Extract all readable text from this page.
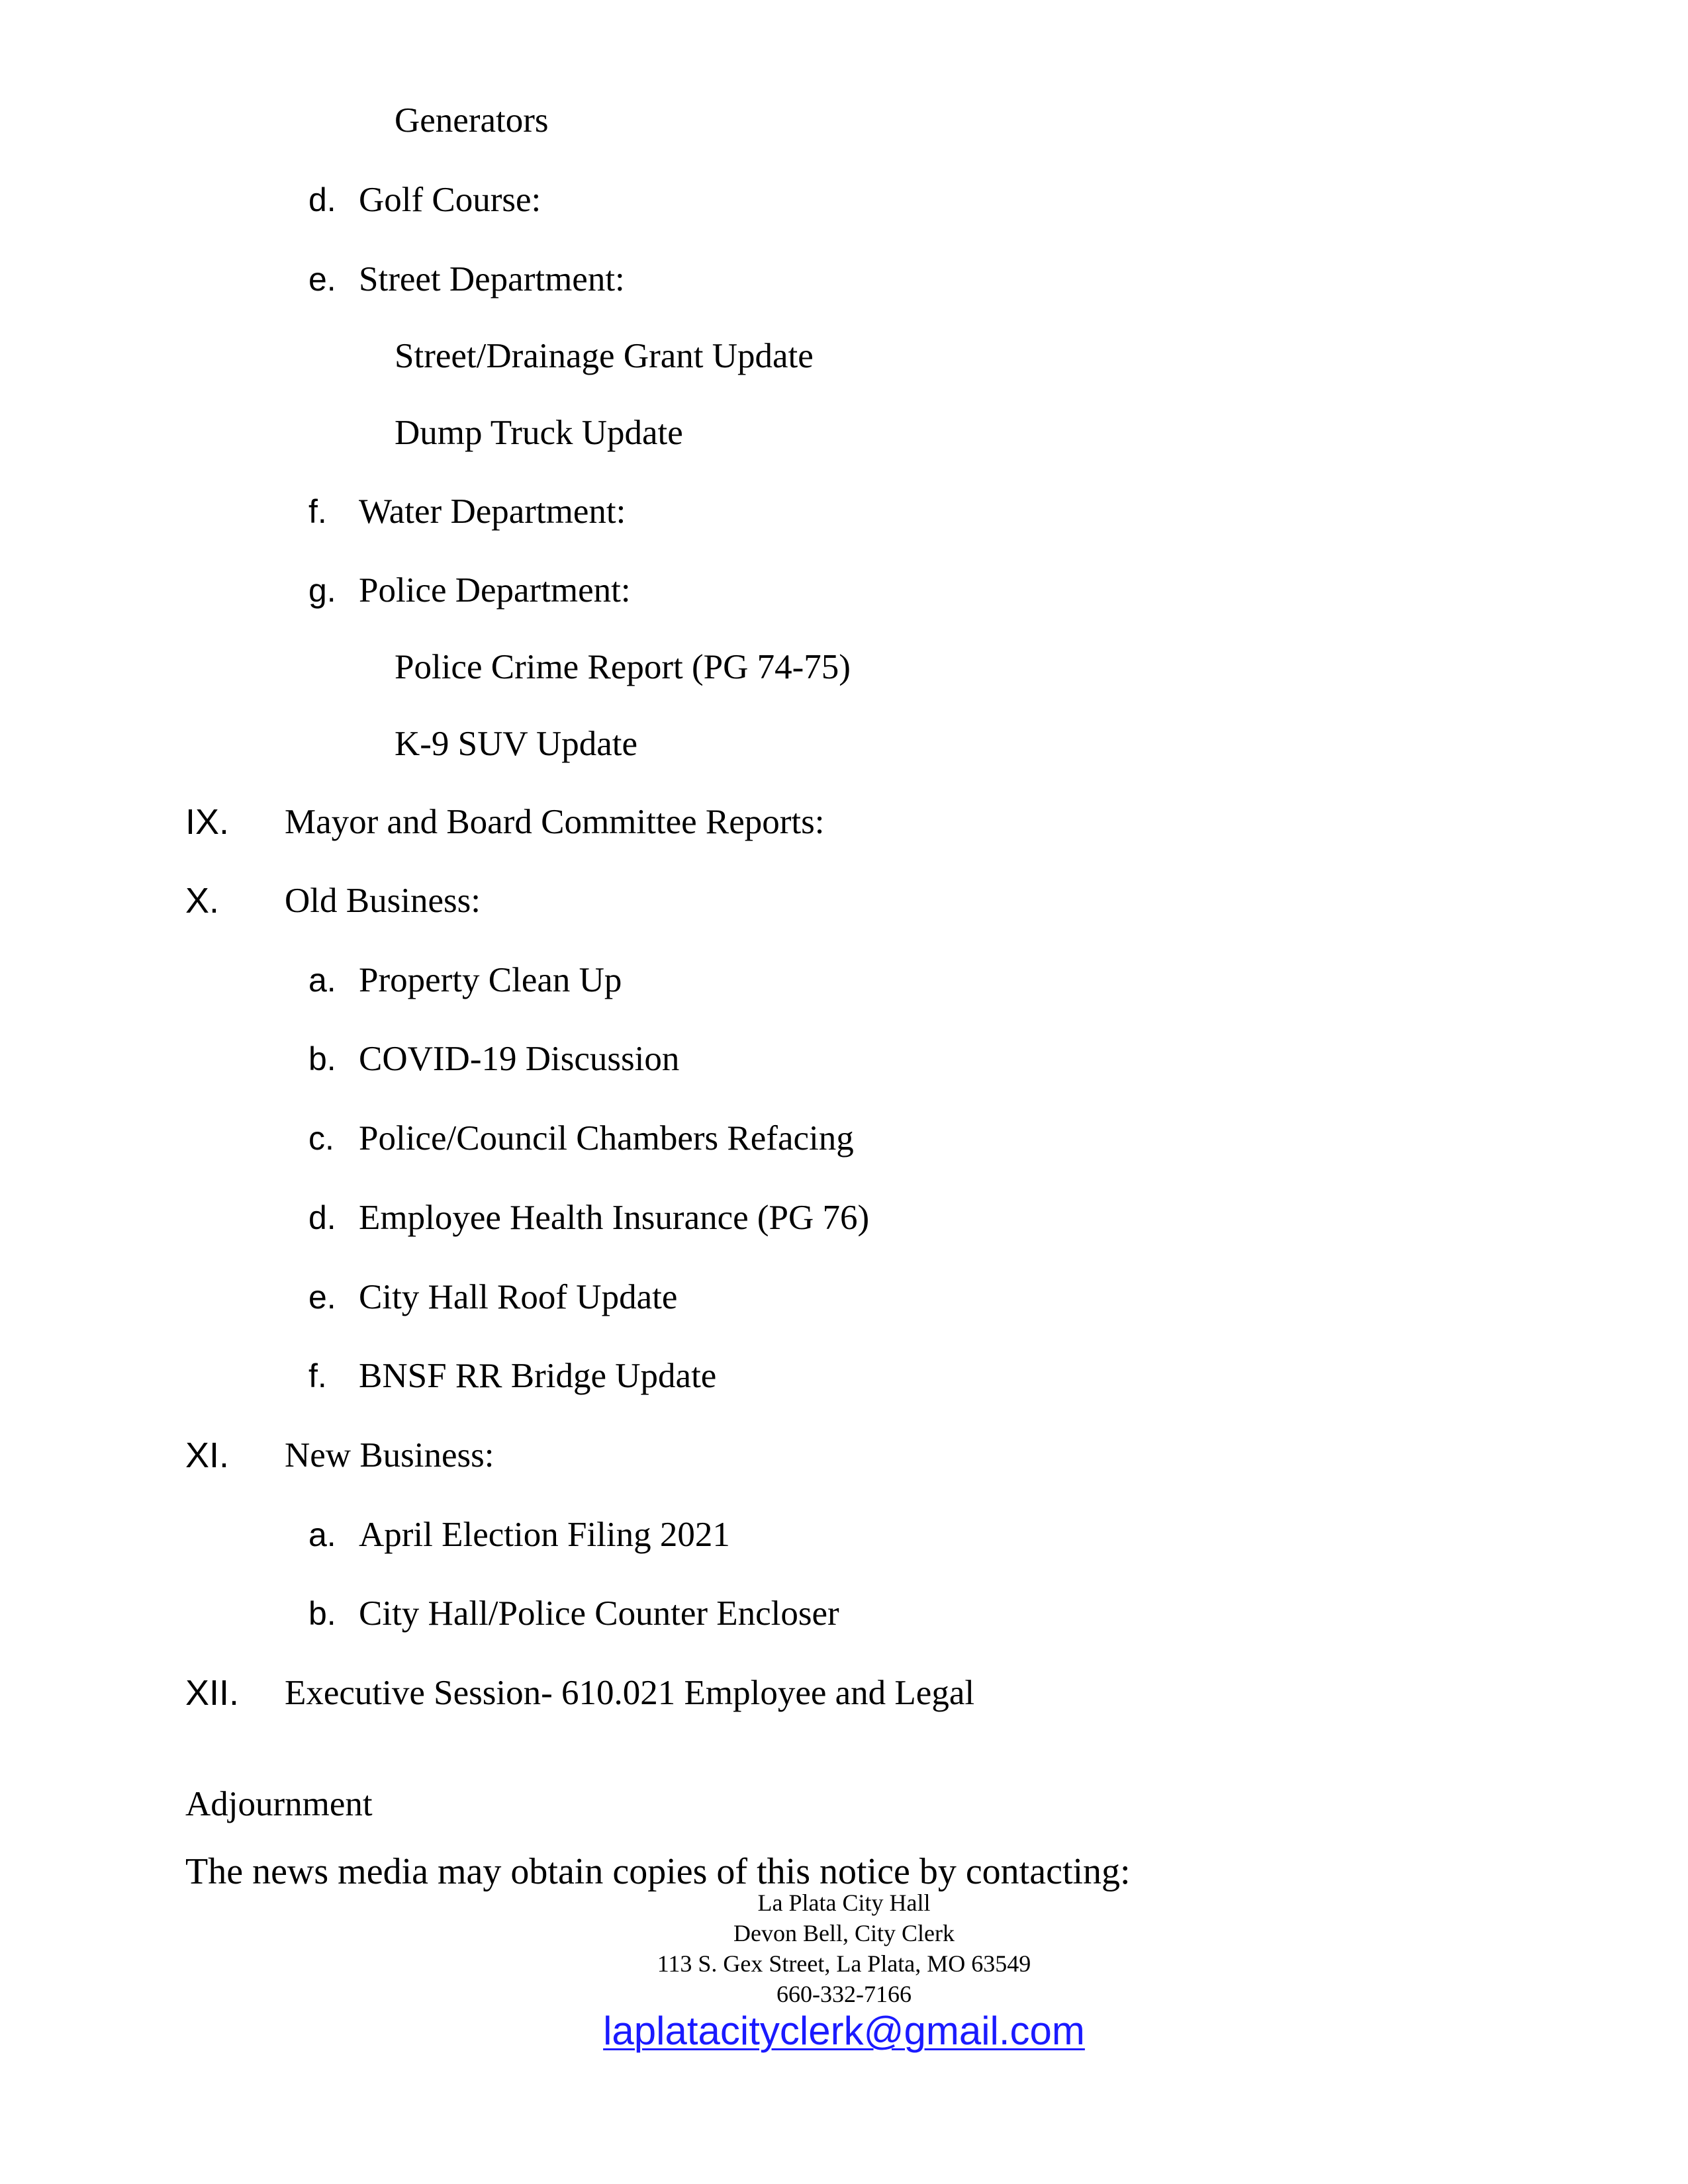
Generators
d. Golf Course:
e. Street Department:
Street/Drainage Grant Update
Dump Truck Update
f. Water Department:
g. Police Department:
Police Crime Report (PG 74-75)
K-9 SUV Update
IX. Mayor and Board Committee Reports:
X. Old Business:
a. Property Clean Up
b. COVID-19 Discussion
c. Police/Council Chambers Refacing
d. Employee Health Insurance (PG 76)
e. City Hall Roof Update
f. BNSF RR Bridge Update
XI. New Business:
a. April Election Filing 2021
b. City Hall/Police Counter Encloser
XII. Executive Session- 610.021 Employee and Legal
Adjournment
The news media may obtain copies of this notice by contacting:
La Plata City Hall
Devon Bell, City Clerk
113 S. Gex Street, La Plata, MO 63549
660-332-7166
laplatacityclerk@gmail.com
